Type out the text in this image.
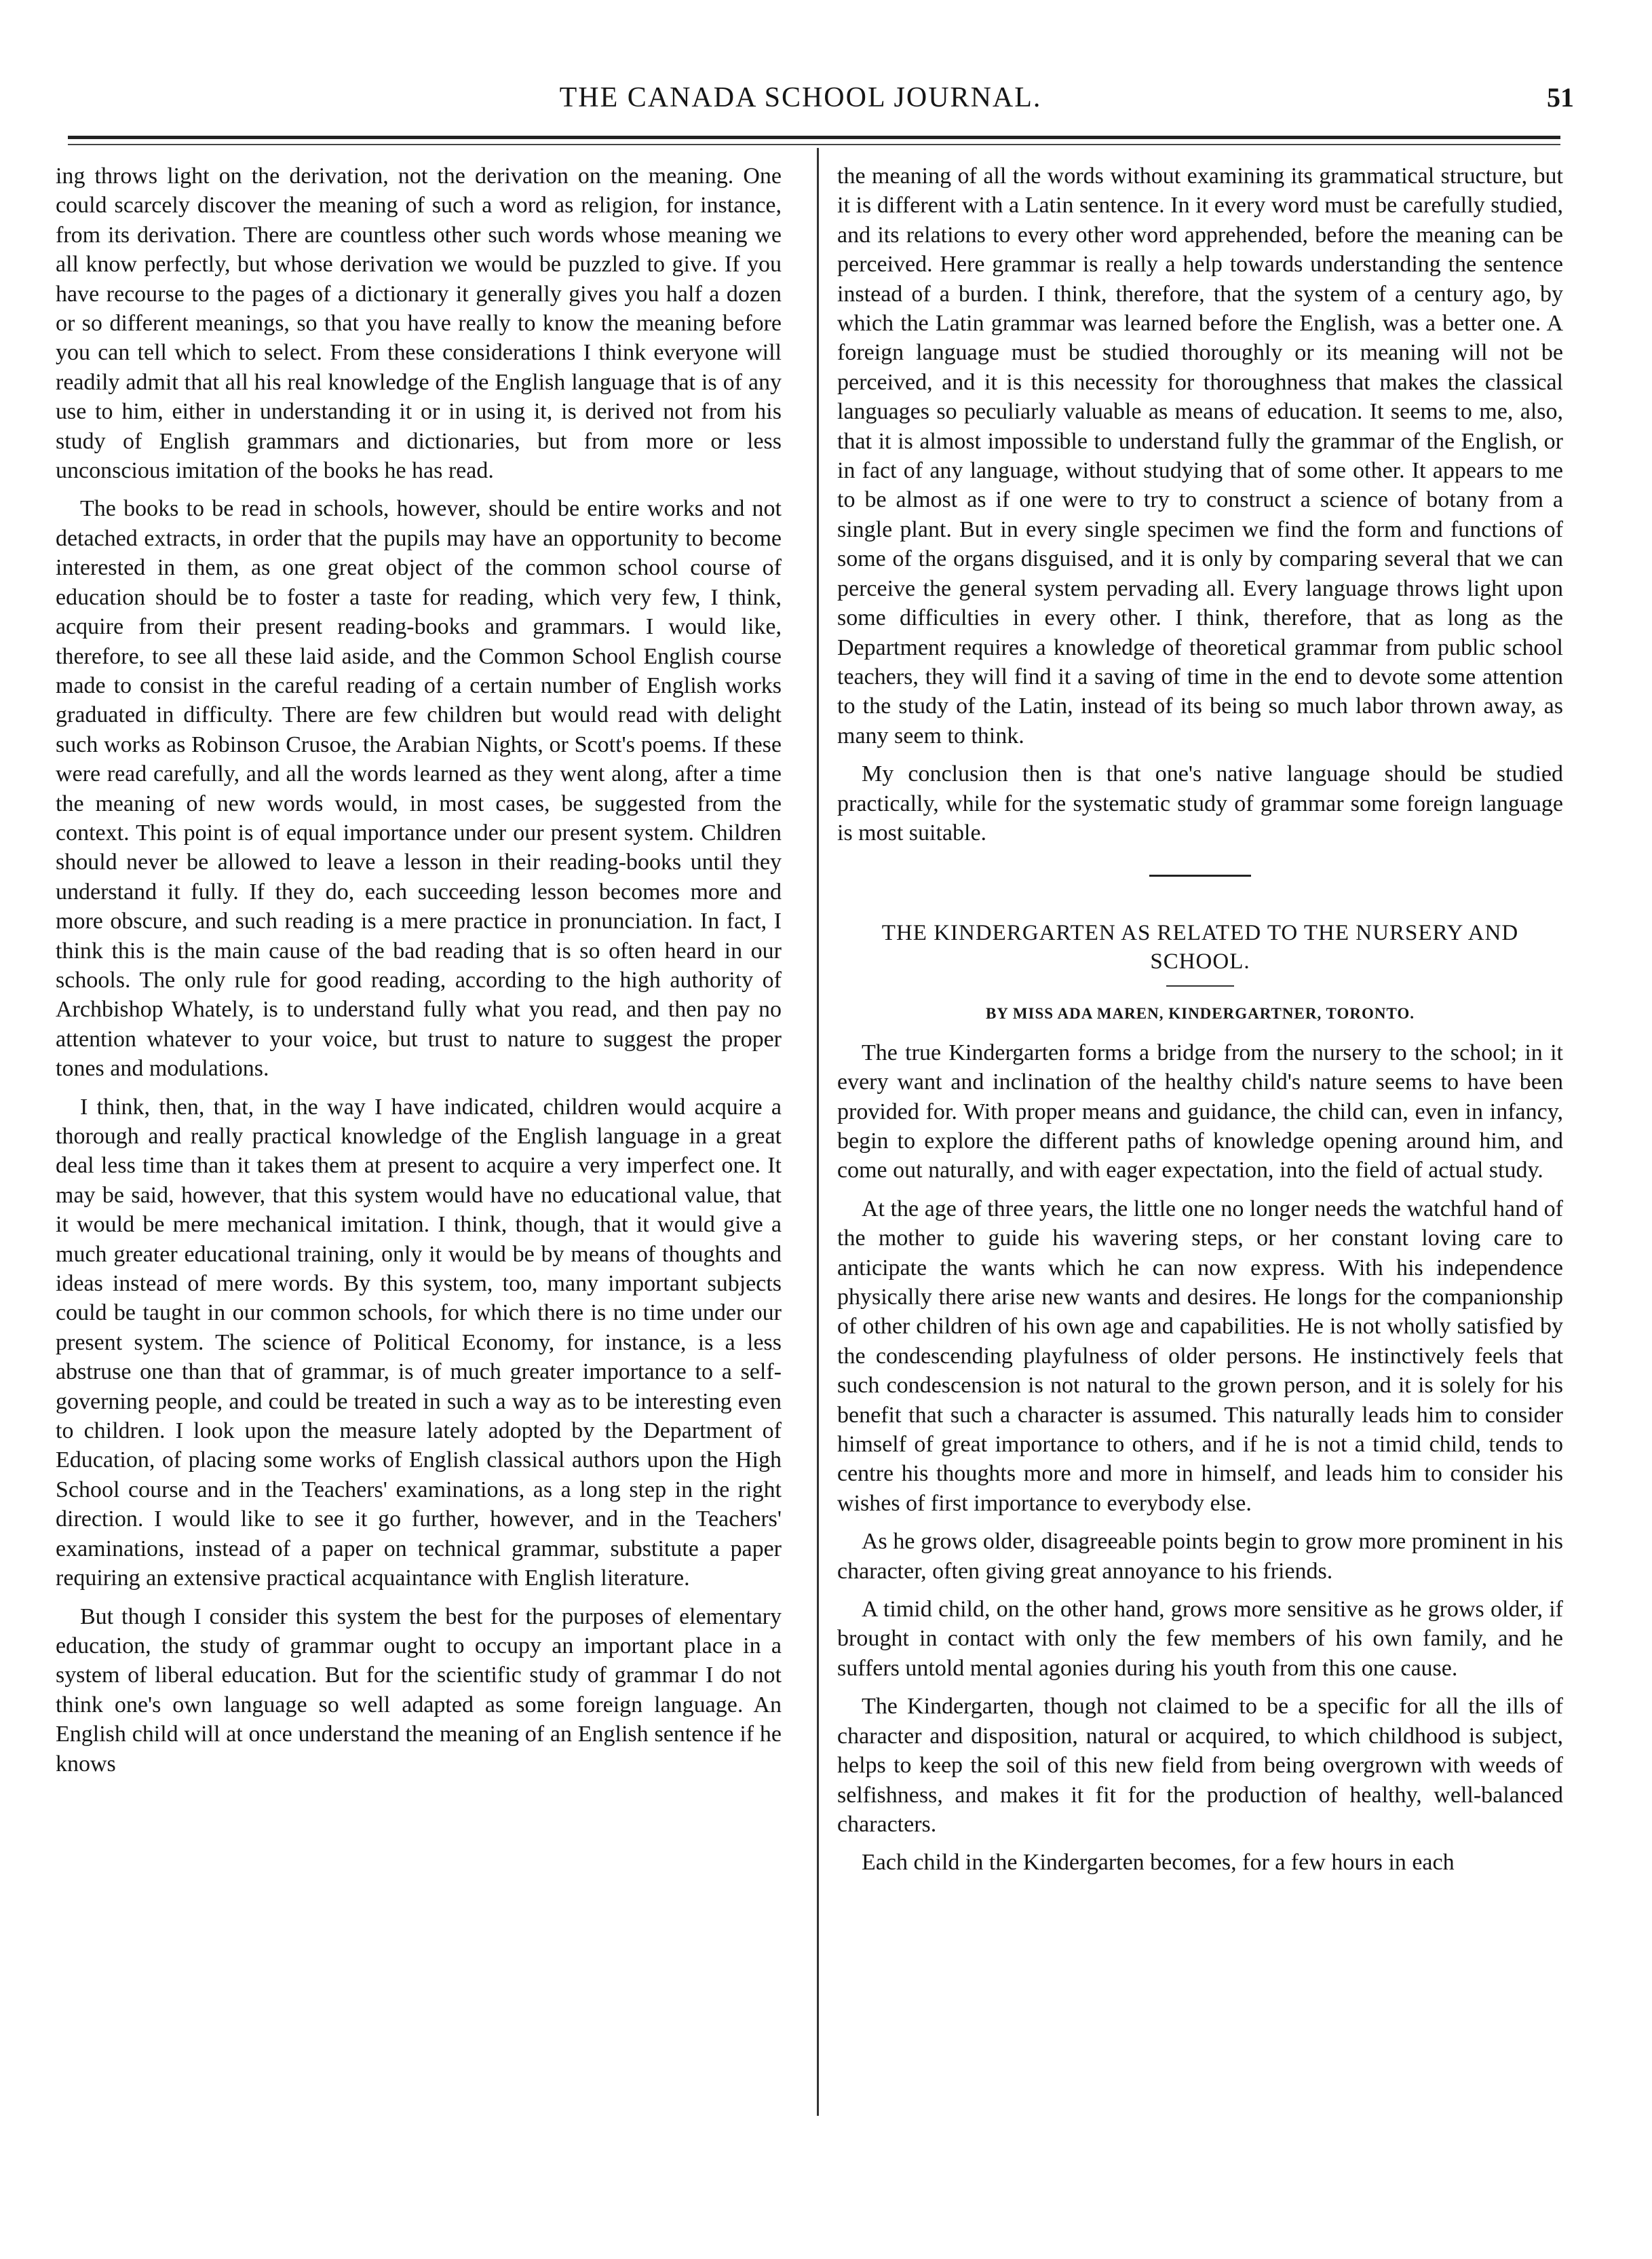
THE CANADA SCHOOL JOURNAL.	51

ing throws light on the derivation, not the derivation on the meaning. One could scarcely discover the meaning of such a word as religion, for instance, from its derivation. There are countless other such words whose meaning we all know perfectly, but whose derivation we would be puzzled to give. If you have recourse to the pages of a dictionary it generally gives you half a dozen or so different meanings, so that you have really to know the meaning before you can tell which to select. From these considerations I think everyone will readily admit that all his real knowledge of the English language that is of any use to him, either in understanding it or in using it, is derived not from his study of English grammars and dictionaries, but from more or less unconscious imitation of the books he has read.

The books to be read in schools, however, should be entire works and not detached extracts, in order that the pupils may have an opportunity to become interested in them, as one great object of the common school course of education should be to foster a taste for reading, which very few, I think, acquire from their present reading-books and grammars. I would like, therefore, to see all these laid aside, and the Common School English course made to consist in the careful reading of a certain number of English works graduated in difficulty. There are few children but would read with delight such works as Robinson Crusoe, the Arabian Nights, or Scott's poems. If these were read carefully, and all the words learned as they went along, after a time the meaning of new words would, in most cases, be suggested from the context. This point is of equal importance under our present system. Children should never be allowed to leave a lesson in their reading-books until they understand it fully. If they do, each succeeding lesson becomes more and more obscure, and such reading is a mere practice in pronunciation. In fact, I think this is the main cause of the bad reading that is so often heard in our schools. The only rule for good reading, according to the high authority of Archbishop Whately, is to understand fully what you read, and then pay no attention whatever to your voice, but trust to nature to suggest the proper tones and modulations.

I think, then, that, in the way I have indicated, children would acquire a thorough and really practical knowledge of the English language in a great deal less time than it takes them at present to acquire a very imperfect one. It may be said, however, that this system would have no educational value, that it would be mere mechanical imitation. I think, though, that it would give a much greater educational training, only it would be by means of thoughts and ideas instead of mere words. By this system, too, many important subjects could be taught in our common schools, for which there is no time under our present system. The science of Political Economy, for instance, is a less abstruse one than that of grammar, is of much greater importance to a self-governing people, and could be treated in such a way as to be interesting even to children. I look upon the measure lately adopted by the Department of Education, of placing some works of English classical authors upon the High School course and in the Teachers' examinations, as a long step in the right direction. I would like to see it go further, however, and in the Teachers' examinations, instead of a paper on technical grammar, substitute a paper requiring an extensive practical acquaintance with English literature.

But though I consider this system the best for the purposes of elementary education, the study of grammar ought to occupy an important place in a system of liberal education. But for the scientific study of grammar I do not think one's own language so well adapted as some foreign language. An English child will at once understand the meaning of an English sentence if he knows

the meaning of all the words without examining its grammatical structure, but it is different with a Latin sentence. In it every word must be carefully studied, and its relations to every other word apprehended, before the meaning can be perceived. Here grammar is really a help towards understanding the sentence instead of a burden. I think, therefore, that the system of a century ago, by which the Latin grammar was learned before the English, was a better one. A foreign language must be studied thoroughly or its meaning will not be perceived, and it is this necessity for thoroughness that makes the classical languages so peculiarly valuable as means of education. It seems to me, also, that it is almost impossible to understand fully the grammar of the English, or in fact of any language, without studying that of some other. It appears to me to be almost as if one were to try to construct a science of botany from a single plant. But in every single specimen we find the form and functions of some of the organs disguised, and it is only by comparing several that we can perceive the general system pervading all. Every language throws light upon some difficulties in every other. I think, therefore, that as long as the Department requires a knowledge of theoretical grammar from public school teachers, they will find it a saving of time in the end to devote some attention to the study of the Latin, instead of its being so much labor thrown away, as many seem to think.

My conclusion then is that one's native language should be studied practically, while for the systematic study of grammar some foreign language is most suitable.

THE KINDERGARTEN AS RELATED TO THE NURSERY AND SCHOOL.
BY MISS ADA MAREN, KINDERGARTNER, TORONTO.

The true Kindergarten forms a bridge from the nursery to the school; in it every want and inclination of the healthy child's nature seems to have been provided for. With proper means and guidance, the child can, even in infancy, begin to explore the different paths of knowledge opening around him, and come out naturally, and with eager expectation, into the field of actual study.

At the age of three years, the little one no longer needs the watchful hand of the mother to guide his wavering steps, or her constant loving care to anticipate the wants which he can now express. With his independence physically there arise new wants and desires. He longs for the companionship of other children of his own age and capabilities. He is not wholly satisfied by the condescending playfulness of older persons. He instinctively feels that such condescension is not natural to the grown person, and it is solely for his benefit that such a character is assumed. This naturally leads him to consider himself of great importance to others, and if he is not a timid child, tends to centre his thoughts more and more in himself, and leads him to consider his wishes of first importance to everybody else.

As he grows older, disagreeable points begin to grow more prominent in his character, often giving great annoyance to his friends.

A timid child, on the other hand, grows more sensitive as he grows older, if brought in contact with only the few members of his own family, and he suffers untold mental agonies during his youth from this one cause.

The Kindergarten, though not claimed to be a specific for all the ills of character and disposition, natural or acquired, to which childhood is subject, helps to keep the soil of this new field from being overgrown with weeds of selfishness, and makes it fit for the production of healthy, well-balanced characters.

Each child in the Kindergarten becomes, for a few hours in each
